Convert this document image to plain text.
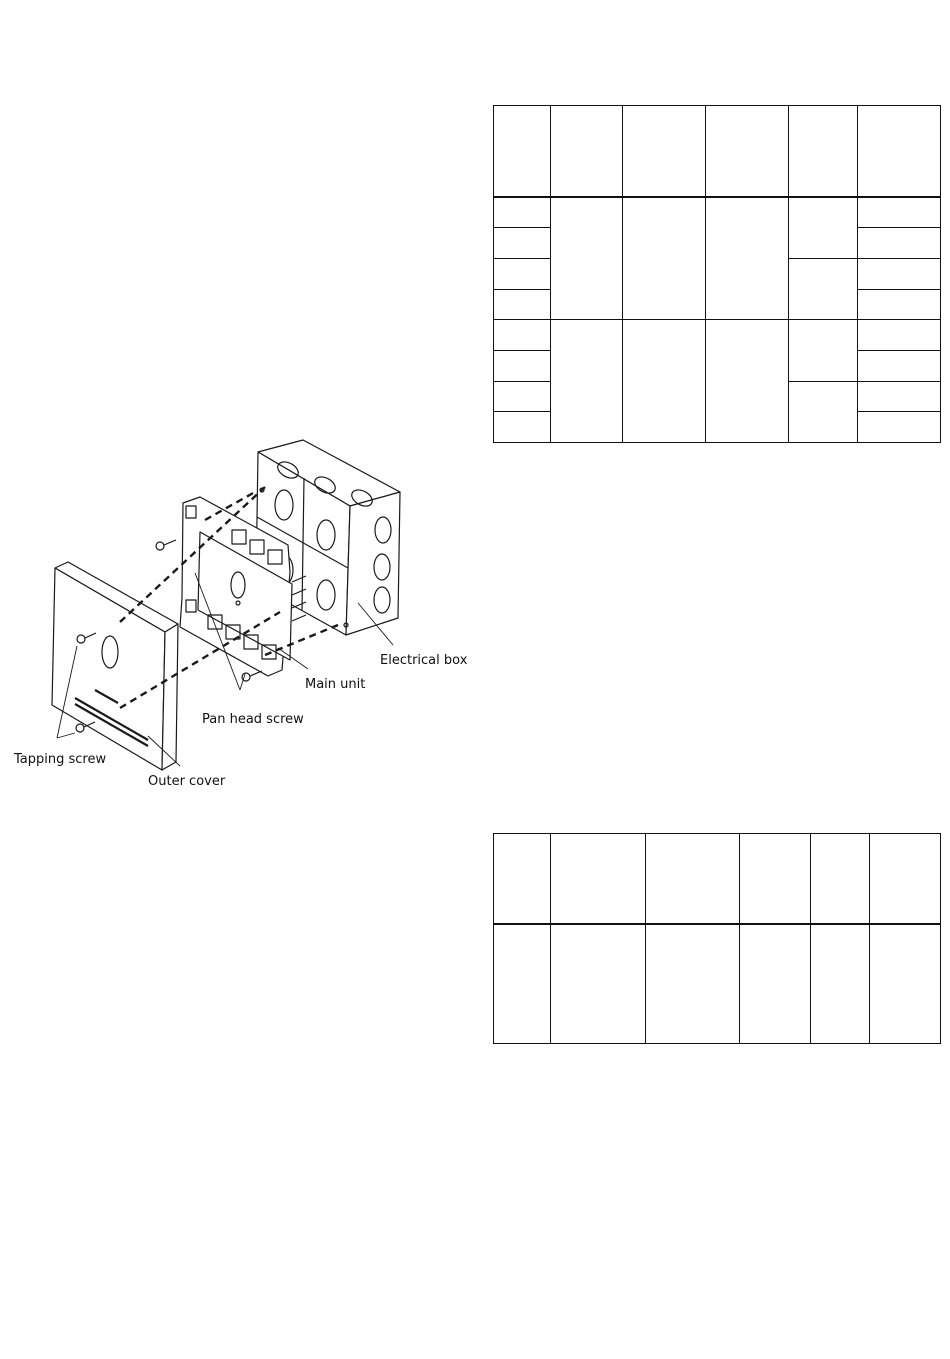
Electrical box
Main unit
Pan head screw
Tapping screw
Outer cover
